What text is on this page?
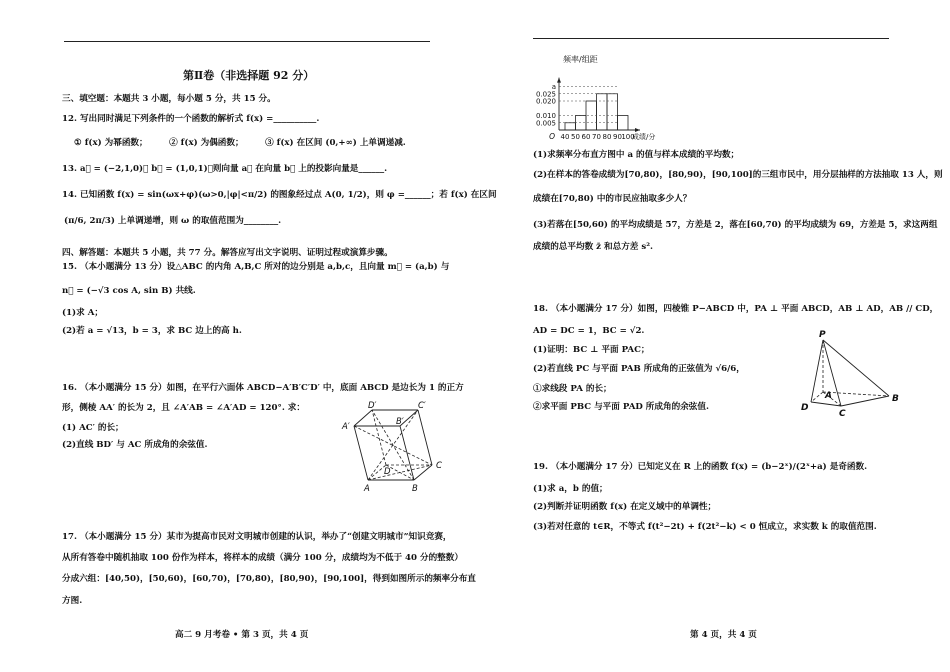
第Ⅱ卷（非选择题 92 分）
三、填空题：本题共 3 小题，每小题 5 分，共 15 分。
12. 写出同时满足下列条件的一个函数的解析式 f(x) =__________.
① f(x) 为幂函数；　　　② f(x) 为偶函数；　　　③ f(x) 在区间 (0,+∞) 上单调递减.
13. a⃗ = (−2,1,0)， b⃗ = (1,0,1)，则向量 a⃗ 在向量 b⃗ 上的投影向量是______.
14. 已知函数 f(x) = sin(ωx+φ)(ω>0,|φ|<π/2) 的图象经过点 A(0, 1/2)，则 φ =______；若 f(x) 在区间
(π/6, 2π/3) 上单调递增，则 ω 的取值范围为________.
四、解答题：本题共 5 小题，共 77 分。解答应写出文字说明、证明过程或演算步骤。
15. （本小题满分 13 分）设△ABC 的内角 A,B,C 所对的边分别是 a,b,c，且向量 m⃗ = (a,b) 与
n⃗ = (−√3 cos A, sin B) 共线.
(1)求 A；
(2)若 a = √13，b = 3，求 BC 边上的高 h.
16. （本小题满分 15 分）如图，在平行六面体 ABCD−A′B′C′D′ 中，底面 ABCD 是边长为 1 的正方
形，侧棱 AA′ 的长为 2，且 ∠A′AB = ∠A′AD = 120°. 求：
(1) AC′ 的长；
(2)直线 BD′ 与 AC 所成角的余弦值.
A	B
C
D
A′	B′
C′
D′
17. （本小题满分 15 分）某市为提高市民对文明城市创建的认识，举办了“创建文明城市”知识竞赛，
从所有答卷中随机抽取 100 份作为样本，将样本的成绩（满分 100 分，成绩均为不低于 40 分的整数）
分成六组：[40,50)，[50,60)，[60,70)，[70,80)，[80,90)，[90,100]，得到如图所示的频率分布直
方图.
高二 9 月考卷 • 第 3 页，共 4 页
0.005
0.010
0.020
0.025
a
40 50 60 70 80 90 100
O	成绩/分
频率/组距
(1)求频率分布直方图中 a 的值与样本成绩的平均数；
(2)在样本的答卷成绩为[70,80)，[80,90)，[90,100]的三组市民中，用分层抽样的方法抽取 13 人，则
成绩在[70,80) 中的市民应抽取多少人？
(3)若落在[50,60) 的平均成绩是 57，方差是 2，落在[60,70) 的平均成绩为 69，方差是 5，求这两组
成绩的总平均数 z̄ 和总方差 s².
18. （本小题满分 17 分）如图，四棱锥 P−ABCD 中，PA ⊥ 平面 ABCD，AB ⊥ AD，AB // CD，
AD = DC = 1，BC = √2.
(1)证明：BC ⊥ 平面 PAC；
(2)若直线 PC 与平面 PAB 所成角的正弦值为 √6/6，
①求线段 PA 的长；
②求平面 PBC 与平面 PAD 所成角的余弦值.
P
A	B
C
D
19. （本小题满分 17 分）已知定义在 R 上的函数 f(x) = (b−2ˣ)/(2ˣ+a) 是奇函数.
(1)求 a，b 的值；
(2)判断并证明函数 f(x) 在定义域中的单调性；
(3)若对任意的 t∈R，不等式 f(t²−2t) + f(2t²−k) < 0 恒成立，求实数 k 的取值范围.
第 4 页，共 4 页
